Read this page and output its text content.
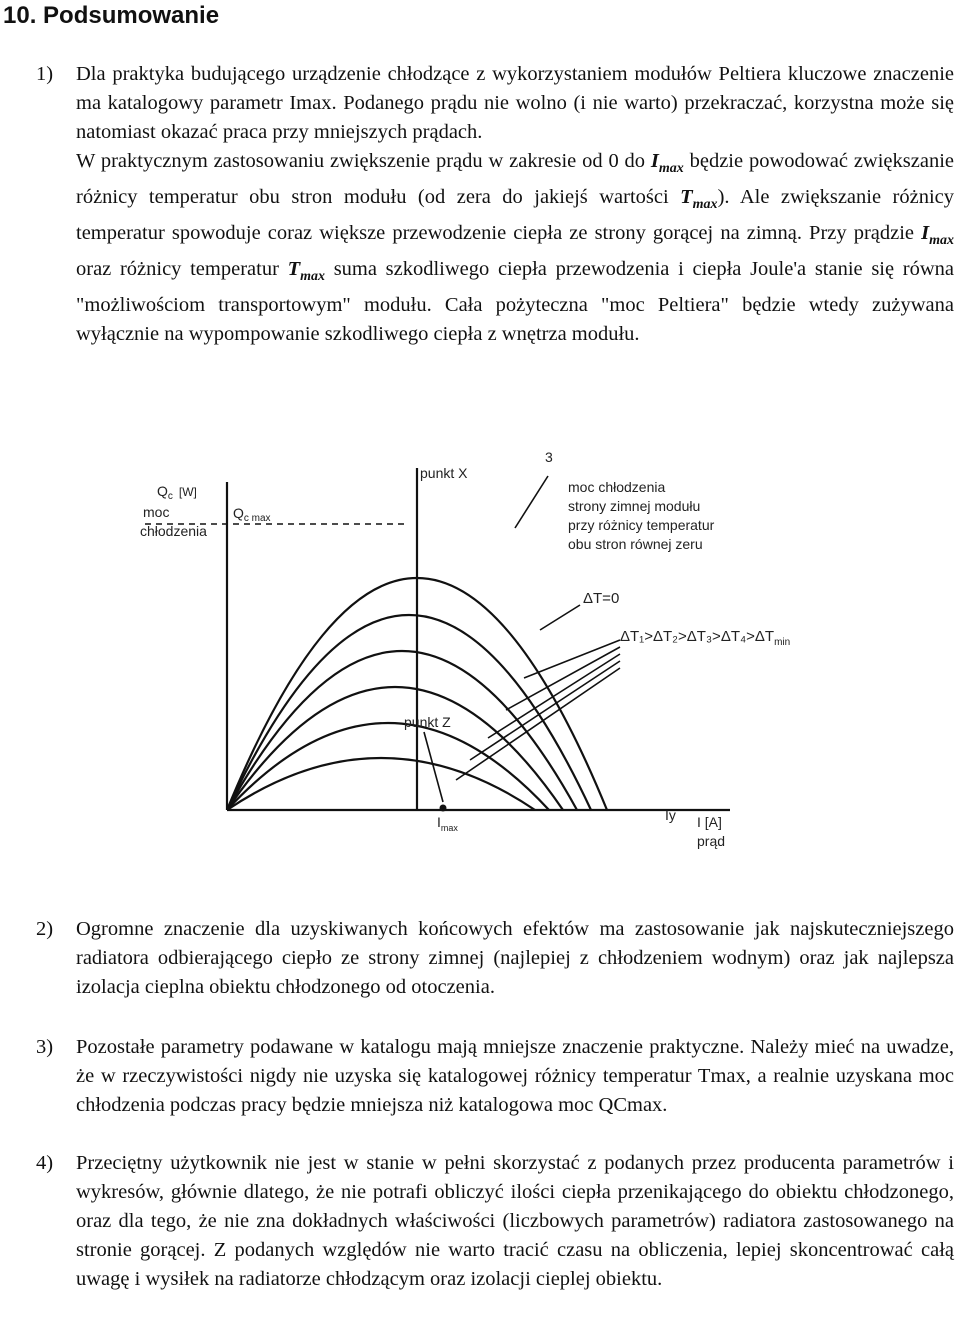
10. Podsumowanie
1) Dla praktyka budującego urządzenie chłodzące z wykorzystaniem modułów Peltiera kluczowe znaczenie ma katalogowy parametr Imax. Podanego prądu nie wolno (i nie warto) przekraczać, korzystna może się natomiast okazać praca przy mniejszych prądach.

W praktycznym zastosowaniu zwiększenie prądu w zakresie od 0 do $I_{max}$ będzie powodować zwiększanie różnicy temperatur obu stron modułu (od zera do jakiejś wartości $T_{max}$). Ale zwiększanie różnicy temperatur spowoduje coraz większe przewodzenie ciepła ze strony gorącej na zimną. Przy prądzie $I_{max}$ oraz różnicy temperatur $T_{max}$ suma szkodliwego ciepła przewodzenia i ciepła Joule'a stanie się równa "możliwościom transportowym" modułu. Cała pożyteczna "moc Peltiera" będzie wtedy zużywana wyłącznie na wypompowanie szkodliwego ciepła z wnętrza modułu.

$Q_c$ [W]
moc
chłodzenia
$Q_{c max}$
punkt X
punkt Z
3
moc chłodzenia
strony zimnej modułu
przy różnicy temperatur
obu stron równej zeru
ΔT=0
$\Delta T_1>\Delta T_2>\Delta T_3>\Delta T_4>\Delta T_{min}$
$I_{max}$
Iy I [A]
prąd
2) Ogromne znaczenie dla uzyskiwanych końcowych efektów ma zastosowanie jak najskuteczniejszego radiatora odbierającego ciepło ze strony zimnej (najlepiej z chłodzeniem wodnym) oraz jak najlepsza izolacja cieplna obiektu chłodzonego od otoczenia.
3) Pozostałe parametry podawane w katalogu mają mniejsze znaczenie praktyczne. Należy mieć na uwadze, że w rzeczywistości nigdy nie uzyska się katalogowej różnicy temperatur Tmax, a realnie uzyskana moc chłodzenia podczas pracy będzie mniejsza niż katalogowa moc QCmax.
4) Przeciętny użytkownik nie jest w stanie w pełni skorzystać z podanych przez producenta parametrów i wykresów, głównie dlatego, że nie potrafi obliczyć ilości ciepła przenikającego do obiektu chłodzonego, oraz dla tego, że nie zna dokładnych właściwości (liczbowych parametrów) radiatora zastosowanego na stronie gorącej. Z podanych względów nie warto tracić czasu na obliczenia, lepiej skoncentrować całą uwagę i wysiłek na radiatorze chłodzącym oraz izolacji cieplej obiektu.
